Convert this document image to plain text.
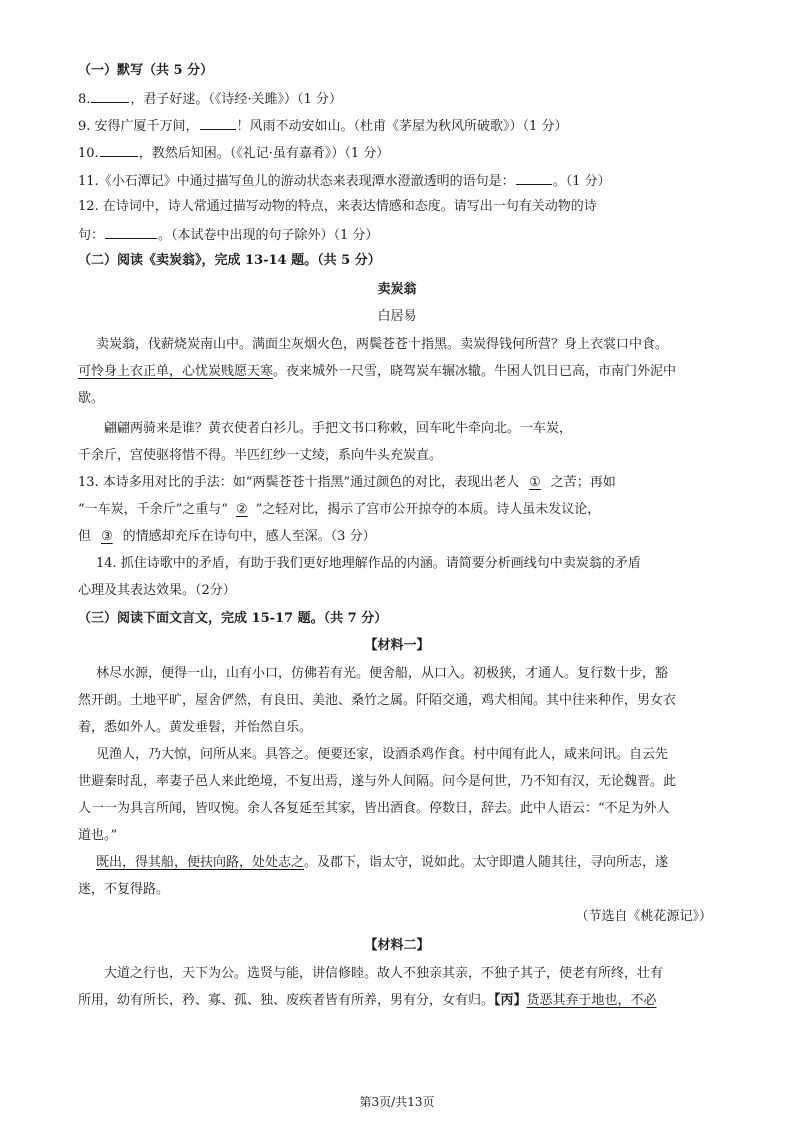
（一）默写（共 5 分）
8.	，君子好逑。（《诗经·关雎》）（1 分）
9. 安得广厦千万间，	！风雨不动安如山。（杜甫《茅屋为秋风所破歌》）（1 分）
10.	，教然后知困。（《礼记·虽有嘉肴》）（1 分）
11.《小石潭记》中通过描写鱼儿的游动状态来表现潭水澄澈透明的语句是：	。（1 分）
12. 在诗词中，诗人常通过描写动物的特点，来表达情感和态度。请写出一句有关动物的诗
句：	。（本试卷中出现的句子除外）（1 分）
（二）阅读《卖炭翁》，完成 13-14 题。（共 5 分）
卖炭翁
白居易
卖炭翁，伐薪烧炭南山中。满面尘灰烟火色，两鬓苍苍十指黑。卖炭得钱何所营？身上衣裳口中食。
可怜身上衣正单，心忧炭贱愿天寒。夜来城外一尺雪，晓驾炭车辗冰辙。牛困人饥日已高，市南门外泥中
歇。
翩翩两骑来是谁？黄衣使者白衫儿。手把文书口称敕，回车叱牛牵向北。一车炭，
千余斤，宫使驱将惜不得。半匹红纱一丈绫，系向牛头充炭直。
13. 本诗多用对比的手法：如“两鬓苍苍十指黑”通过颜色的对比，表现出老人 ① 之苦；再如
“一车炭，千余斤”之重与“ ② ”之轻对比，揭示了宫市公开掠夺的本质。诗人虽未发议论，
但 ③ 的情感却充斥在诗句中，感人至深。（3 分）
14. 抓住诗歌中的矛盾，有助于我们更好地理解作品的内涵。请简要分析画线句中卖炭翁的矛盾
心理及其表达效果。（2分）
（三）阅读下面文言文，完成 15-17 题。（共 7 分）
【材料一】
林尽水源，便得一山，山有小口，仿佛若有光。便舍船，从口入。初极狭，才通人。复行数十步，豁
然开朗。土地平旷，屋舍俨然，有良田、美池、桑竹之属。阡陌交通，鸡犬相闻。其中往来种作，男女衣
着，悉如外人。黄发垂髫，并怡然自乐。
见渔人，乃大惊，问所从来。具答之。便要还家，设酒杀鸡作食。村中闻有此人，咸来问讯。自云先
世避秦时乱，率妻子邑人来此绝境，不复出焉，遂与外人间隔。问今是何世，乃不知有汉，无论魏晋。此
人一一为具言所闻，皆叹惋。余人各复延至其家，皆出酒食。停数日，辞去。此中人语云：“不足为外人
道也。”
既出，得其船，便扶向路，处处志之。及郡下，诣太守，说如此。太守即遣人随其往，寻向所志，遂
迷，不复得路。
（节选自《桃花源记》）
【材料二】
大道之行也，天下为公。选贤与能，讲信修睦。故人不独亲其亲，不独子其子，使老有所终，壮有
所用，幼有所长，矜、寡、孤、独、废疾者皆有所养，男有分，女有归。【丙】货恶其弃于地也，不必
第3页/共13页
